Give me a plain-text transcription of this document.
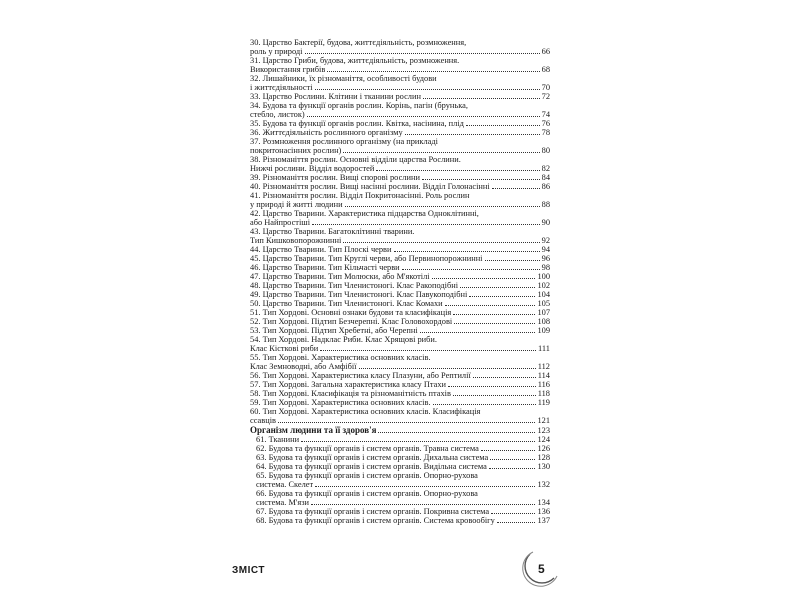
30. Царство Бактерії, будова, життєдіяльність, розмноження,
роль у природі	66
31. Царство Гриби, будова, життєдіяльність, розмноження.
Використання грибів	68
32. Лишайники, їх різноманіття, особливості будови
і життєдіяльності	70
33. Царство Рослини. Клітини і тканини рослин	72
34. Будова та функції органів рослин. Корінь, пагін (брунька,
стебло, листок)	74
35. Будова та функції органів рослин. Квітка, насінина, плід	76
36. Життєдіяльність рослинного організму	78
37. Розмноження рослинного організму (на прикладі
покритонасінних рослин)	80
38. Різноманіття рослин. Основні відділи царства Рослини.
Нижчі рослини. Відділ водоростей	82
39. Різноманіття рослин. Вищі спорові рослини	84
40. Різноманіття рослин. Вищі насінні рослини. Відділ Голонасінні	86
41. Різноманіття рослин. Відділ Покритонасінні. Роль рослин
у природі й житті людини	88
42. Царство Тварини. Характеристика підцарства Одноклітинні,
або Найпростіші	90
43. Царство Тварини. Багатоклітинні тварини.
Тип Кишковопорожнинні	92
44. Царство Тварини. Тип Плоскі черви	94
45. Царство Тварини. Тип Круглі черви, або Первинопорожнинні	96
46. Царство Тварини. Тип Кільчасті черви	98
47. Царство Тварини. Тип Молюски, або М'якотілі	100
48. Царство Тварини. Тип Членистоногі. Клас Ракоподібні	102
49. Царство Тварини. Тип Членистоногі. Клас Павукоподібні	104
50. Царство Тварини. Тип Членистоногі. Клас Комахи	105
51. Тип Хордові. Основні ознаки будови та класифікація	107
52. Тип Хордові. Підтип Безчерепні. Клас Головохордові	108
53. Тип Хордові. Підтип Хребетні, або Черепні	109
54. Тип Хордові. Надклас Риби. Клас Хрящові риби.
Клас Кісткові риби	111
55. Тип Хордові. Характеристика основних класів.
Клас Земноводні, або Амфібії	112
56. Тип Хордові. Характеристика класу Плазуни, або Рептилії	114
57. Тип Хордові. Загальна характеристика класу Птахи	116
58. Тип Хордові. Класифікація та різноманітність птахів	118
59. Тип Хордові. Характеристика основних класів.	119
60. Тип Хордові. Характеристика основних класів. Класифікація
ссавців	121
Організм людини та її здоров'я	123
61. Тканини	124
62. Будова та функції органів і систем органів. Травна система	126
63. Будова та функції органів і систем органів. Дихальна система	128
64. Будова та функції органів і систем органів. Видільна система	130
65. Будова та функції органів і систем органів. Опорно-рухова
система. Скелет	132
66. Будова та функції органів і систем органів. Опорно-рухова
система. М'язи	134
67. Будова та функції органів і систем органів. Покривна система	136
68. Будова та функції органів і систем органів. Система кровообігу	137
ЗМІСТ	5
